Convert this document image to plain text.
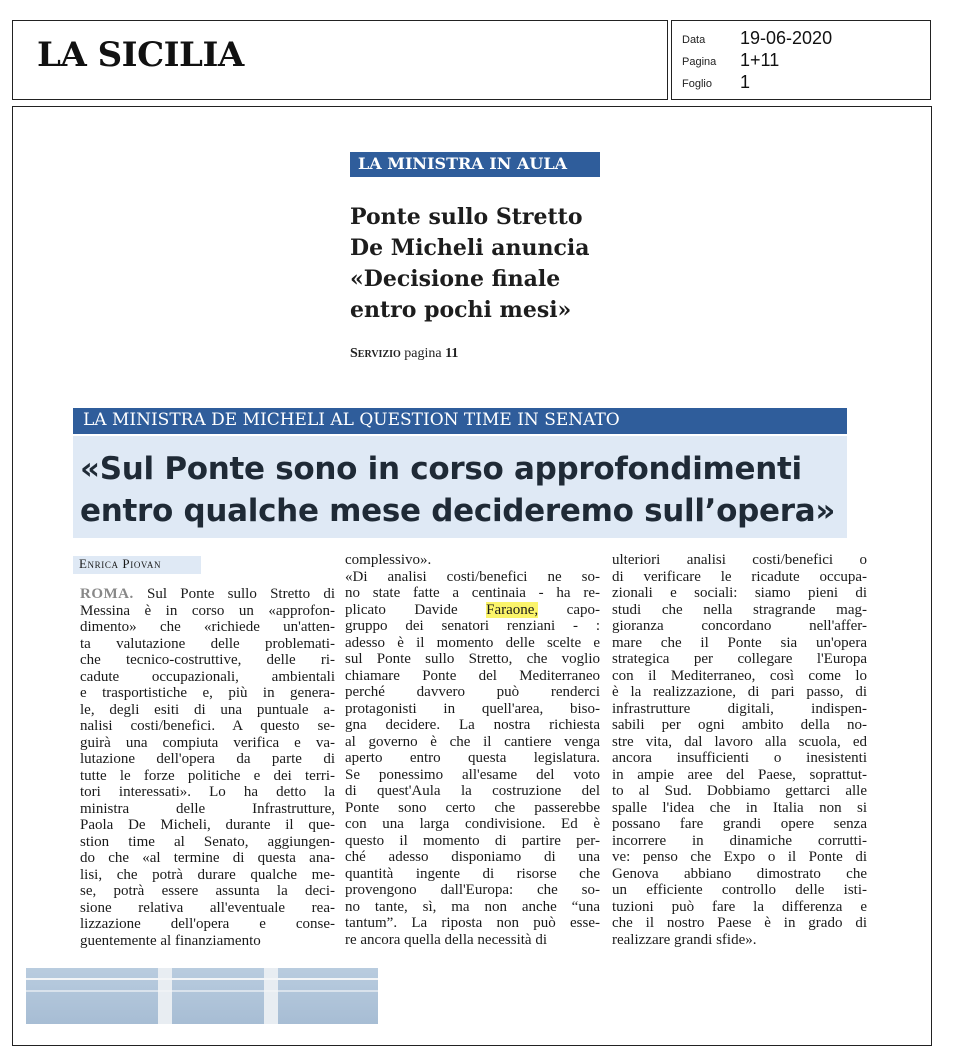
LA SICILIA	Data 19-06-2020
Pagina 1+11
Foglio 1
LA MINISTRA IN AULA
Ponte sullo Stretto
De Micheli anuncia
«Decisione finale
entro pochi mesi»
Servizio pagina 11
LA MINISTRA DE MICHELI AL QUESTION TIME IN SENATO
«Sul Ponte sono in corso approfondimenti
entro qualche mese decideremo sull’opera»
Enrica Piovan
ROMA. Sul Ponte sullo Stretto di
Messina è in corso un «approfon-
dimento» che «richiede un'atten-
ta valutazione delle problemati-
che tecnico-costruttive, delle ri-
cadute occupazionali, ambientali
e trasportistiche e, più in genera-
le, degli esiti di una puntuale a-
nalisi costi/benefici. A questo se-
guirà una compiuta verifica e va-
lutazione dell'opera da parte di
tutte le forze politiche e dei terri-
tori interessati». Lo ha detto la
ministra delle Infrastrutture,
Paola De Micheli, durante il que-
stion time al Senato, aggiungen-
do che «al termine di questa ana-
lisi, che potrà durare qualche me-
se, potrà essere assunta la deci-
sione relativa all'eventuale rea-
lizzazione dell'opera e conse-
guentemente al finanziamento
complessivo».
«Di analisi costi/benefici ne so-
no state fatte a centinaia - ha re-
plicato Davide Faraone, capo-
gruppo dei senatori renziani - :
adesso è il momento delle scelte e
sul Ponte sullo Stretto, che voglio
chiamare Ponte del Mediterraneo
perché davvero può renderci
protagonisti in quell'area, biso-
gna decidere. La nostra richiesta
al governo è che il cantiere venga
aperto entro questa legislatura.
Se ponessimo all'esame del voto
di quest'Aula la costruzione del
Ponte sono certo che passerebbe
con una larga condivisione. Ed è
questo il momento di partire per-
ché adesso disponiamo di una
quantità ingente di risorse che
provengono dall'Europa: che so-
no tante, sì, ma non anche “una
tantum”. La riposta non può esse-
re ancora quella della necessità di
ulteriori analisi costi/benefici o
di verificare le ricadute occupa-
zionali e sociali: siamo pieni di
studi che nella stragrande mag-
gioranza concordano nell'affer-
mare che il Ponte sia un'opera
strategica per collegare l'Europa
con il Mediterraneo, così come lo
è la realizzazione, di pari passo, di
infrastrutture digitali, indispen-
sabili per ogni ambito della no-
stre vita, dal lavoro alla scuola, ed
ancora insufficienti o inesistenti
in ampie aree del Paese, soprattut-
to al Sud. Dobbiamo gettarci alle
spalle l'idea che in Italia non si
possano fare grandi opere senza
incorrere in dinamiche corrutti-
ve: penso che Expo o il Ponte di
Genova abbiano dimostrato che
un efficiente controllo delle isti-
tuzioni può fare la differenza e
che il nostro Paese è in grado di
realizzare grandi sfide».
